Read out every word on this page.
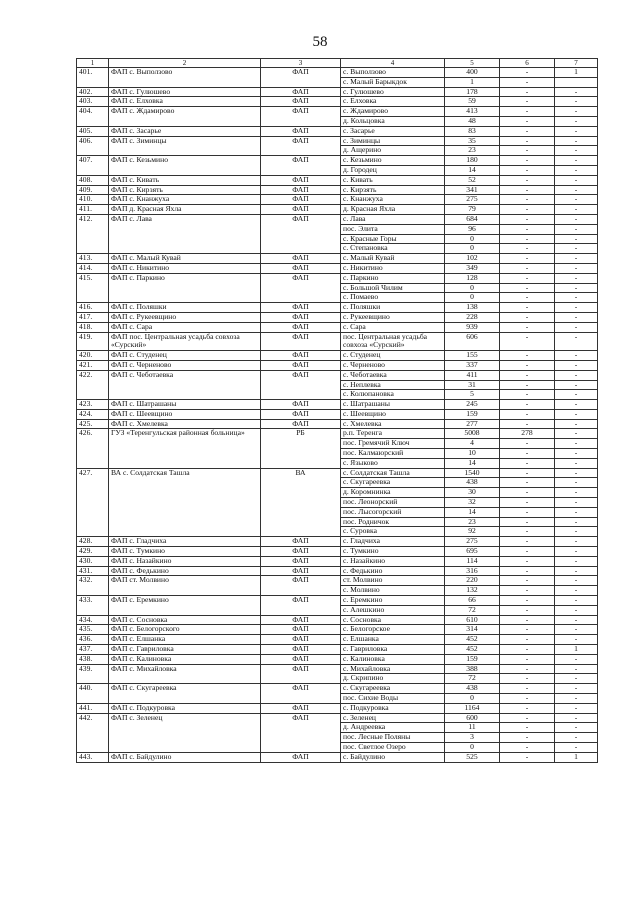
58
1	2	3	4	5	6	7
401.	ФАП с. Выползово	ФАП	с. Выползово	400	-	1
			с. Малый Барыкдок	1	-	
402.	ФАП с. Гулюшево	ФАП	с. Гулюшево	178	-	-
403.	ФАП с. Елховка	ФАП	с. Елховка	59	-	-
404.	ФАП с. Ждамирово	ФАП	с. Ждамирово	413	-	-
			д. Кольцовка	48	-	-
405.	ФАП с. Засарье	ФАП	с. Засарье	83	-	-
406.	ФАП с. Зиминцы	ФАП	с. Зиминцы	35	-	-
			д. Ащерино	23	-	-
407.	ФАП с. Кезьмино	ФАП	с. Кезьмино	180	-	-
			д. Городец	14	-	-
408.	ФАП с. Кивать	ФАП	с. Кивать	52	-	-
409.	ФАП с. Кирзять	ФАП	с. Кирзять	341	-	-
410.	ФАП с. Кнанжуха	ФАП	с. Кнанжуха	275	-	-
411.	ФАП д. Красная Яхла	ФАП	д. Красная Яхла	79	-	-
412.	ФАП с. Лава	ФАП	с. Лава	684	-	-
			пос. Элита	96	-	-
			с. Красные Горы	0	-	-
			с. Степановка	0	-	-
413.	ФАП с. Малый Кувай	ФАП	с. Малый Кувай	102	-	-
414.	ФАП с. Никитино	ФАП	с. Никитино	349	-	-
415.	ФАП с. Паркино	ФАП	с. Паркино	128	-	-
			с. Большой Чилим	0	-	-
			с. Помаево	0	-	-
416.	ФАП с. Поляшки	ФАП	с. Поляшки	138	-	-
417.	ФАП с. Рукеевщино	ФАП	с. Рукеевщино	228	-	-
418.	ФАП с. Сара	ФАП	с. Сара	939	-	-
419.	ФАП пос. Центральная усадьба совхоза «Сурский»	ФАП	пос. Центральная усадьба совхоза «Сурский»	606	-	-
420.	ФАП с. Студенец	ФАП	с. Студенец	155	-	-
421.	ФАП с. Черненово	ФАП	с. Черненово	337	-	-
422.	ФАП с. Чеботаевка	ФАП	с. Чеботаевка	411	-	-
			с. Неплевка	31	-	-
			с. Колюпановка	5	-	-
423.	ФАП с. Шатрашаны	ФАП	с. Шатрашаны	245	-	-
424.	ФАП с. Шеевщино	ФАП	с. Шеевщино	159	-	-
425.	ФАП с. Хмелевка	ФАП	с. Хмелевка	277	-	-
426.	ГУЗ «Теренгульская районная больница»	РБ	р.п. Теренга	5008	278	-
			пос. Гремячий Ключ	4	-	-
			пос. Калмаюрский	10	-	-
			с. Языково	14	-	-
427.	ВА с. Солдатская Ташла	ВА	с. Солдатская Ташла	1540	-	-
			с. Скугареевка	438	-	-
			д. Коромнинка	30	-	-
			пос. Леонорский	32	-	-
			пос. Лысогорский	14	-	-
			пос. Родничок	23	-	-
			с. Суровка	92	-	-
428.	ФАП с. Гладчиха	ФАП	с. Гладчиха	275	-	-
429.	ФАП с. Тумкино	ФАП	с. Тумкино	695	-	-
430.	ФАП с. Назайкино	ФАП	с. Назайкино	114	-	-
431.	ФАП с. Федькино	ФАП	с. Федькино	316	-	-
432.	ФАП ст. Молвино	ФАП	ст. Молвино	220	-	-
			с. Молвино	132	-	-
433.	ФАП с. Еремкино	ФАП	с. Еремкино	66	-	-
			с. Алешкино	72	-	-
434.	ФАП с. Сосновка	ФАП	с. Сосновка	610	-	-
435.	ФАП с. Белогорского	ФАП	с. Белогорское	314	-	-
436.	ФАП с. Елшанка	ФАП	с. Елшанка	452	-	-
437.	ФАП с. Гавриловка	ФАП	с. Гавриловка	452	-	1
438.	ФАП с. Калиновка	ФАП	с. Калиновка	159	-	-
439.	ФАП с. Михайловка	ФАП	с. Михайловка	388	-	-
			д. Скрипино	72	-	-
440.	ФАП с. Скугареевка	ФАП	с. Скугареевка	438	-	-
			пос. Сихие Воды	0	-	-
441.	ФАП с. Подкуровка	ФАП	с. Подкуровка	1164	-	-
442.	ФАП с. Зеленец	ФАП	с. Зеленец	600	-	-
			д. Андреевка	11	-	-
			пос. Лесные Поляны	3	-	-
			пос. Светлое Озеро	0	-	-
443.	ФАП с. Байдулино	ФАП	с. Байдулино	525	-	1
